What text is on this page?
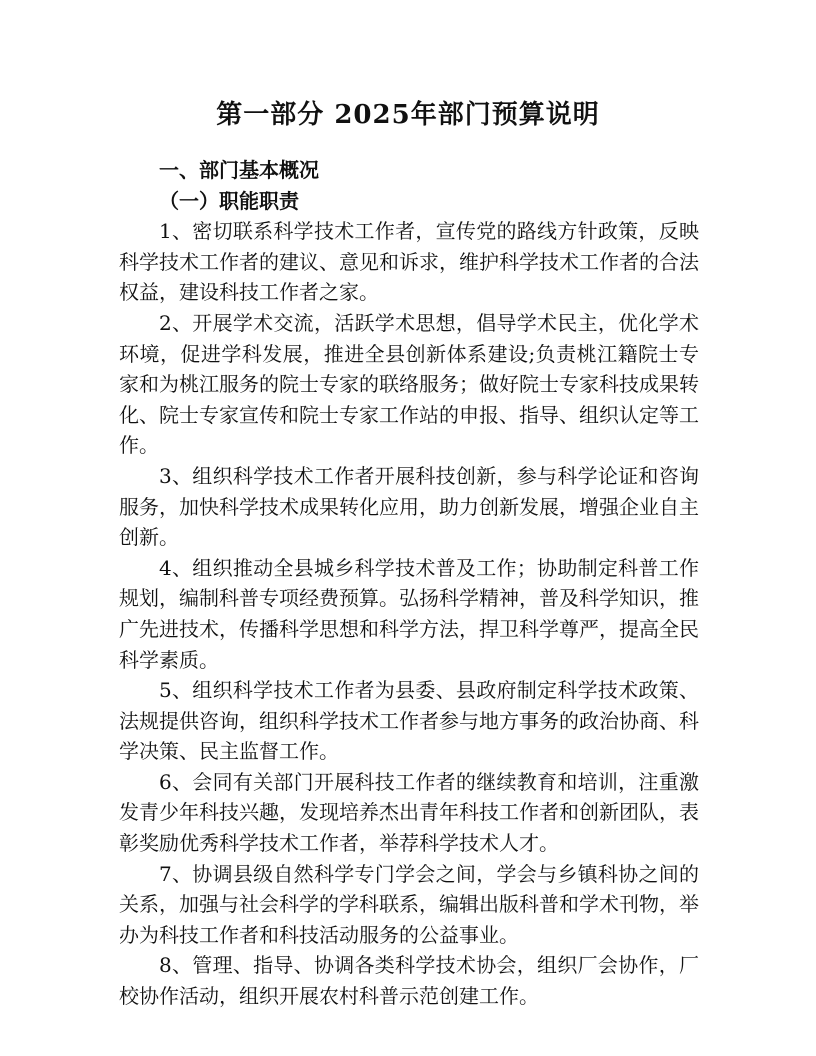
第一部分 2025年部门预算说明
一、部门基本概况
（一）职能职责

1、密切联系科学技术工作者，宣传党的路线方针政策，反映科学技术工作者的建议、意见和诉求，维护科学技术工作者的合法权益，建设科技工作者之家。

2、开展学术交流，活跃学术思想，倡导学术民主，优化学术环境，促进学科发展，推进全县创新体系建设;负责桃江籍院士专家和为桃江服务的院士专家的联络服务；做好院士专家科技成果转化、院士专家宣传和院士专家工作站的申报、指导、组织认定等工作。

3、组织科学技术工作者开展科技创新，参与科学论证和咨询服务，加快科学技术成果转化应用，助力创新发展，增强企业自主创新。

4、组织推动全县城乡科学技术普及工作；协助制定科普工作规划，编制科普专项经费预算。弘扬科学精神，普及科学知识，推广先进技术，传播科学思想和科学方法，捍卫科学尊严，提高全民科学素质。

5、组织科学技术工作者为县委、县政府制定科学技术政策、法规提供咨询，组织科学技术工作者参与地方事务的政治协商、科学决策、民主监督工作。

6、会同有关部门开展科技工作者的继续教育和培训，注重激发青少年科技兴趣，发现培养杰出青年科技工作者和创新团队，表彰奖励优秀科学技术工作者，举荐科学技术人才。

7、协调县级自然科学专门学会之间，学会与乡镇科协之间的关系，加强与社会科学的学科联系，编辑出版科普和学术刊物，举办为科技工作者和科技活动服务的公益事业。

8、管理、指导、协调各类科学技术协会，组织厂会协作，厂校协作活动，组织开展农村科普示范创建工作。
